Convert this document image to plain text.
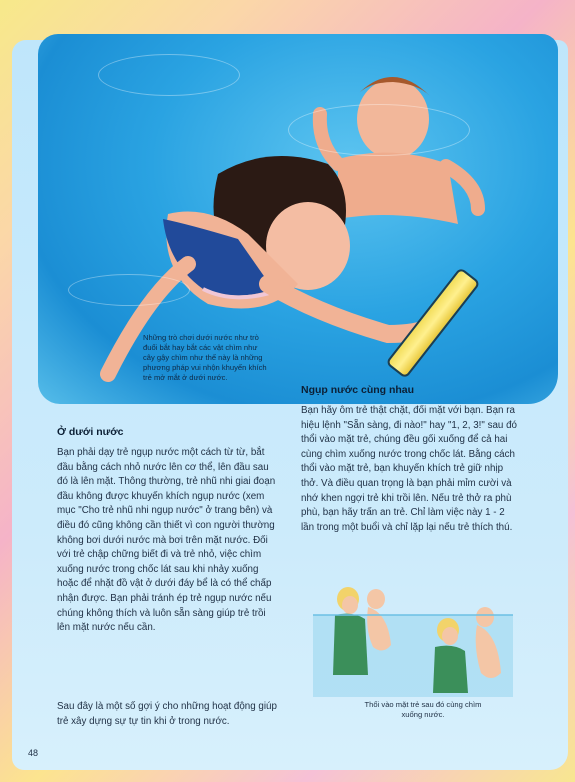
Những trò chơi dưới nước như trò đuổi bắt hay bắt các vật chìm như cây gậy chìm như thế này là những phương pháp vui nhộn khuyến khích trẻ mở mắt ở dưới nước.
Ở dưới nước
Bạn phải dạy trẻ ngụp nước một cách từ từ, bắt đầu bằng cách nhỏ nước lên cơ thể, lên đầu sau đó là lên mặt. Thông thường, trẻ nhũ nhi giai đoạn đầu không được khuyến khích ngụp nước (xem mục "Cho trẻ nhũ nhi ngụp nước" ở trang bên) và điều đó cũng không cần thiết vì con người thường không bơi dưới nước mà bơi trên mặt nước. Đối với trẻ chập chững biết đi và trẻ nhỏ, việc chìm xuống nước trong chốc lát sau khi nhảy xuống hoặc để nhặt đồ vật ở dưới đáy bể là có thể chấp nhận được. Bạn phải tránh ép trẻ ngụp nước nếu chúng không thích và luôn sẵn sàng giúp trẻ trồi lên mặt nước nếu cần.
Sau đây là một số gợi ý cho những hoạt động giúp trẻ xây dựng sự tự tin khi ở trong nước.
Ngụp nước cùng nhau
Bạn hãy ôm trẻ thật chặt, đối mặt với bạn. Bạn ra hiệu lệnh "Sẵn sàng, đi nào!" hay "1, 2, 3!" sau đó thổi vào mặt trẻ, chúng đều gối xuống để cả hai cùng chìm xuống nước trong chốc lát. Bằng cách thổi vào mặt trẻ, bạn khuyến khích trẻ giữ nhịp thở. Và điều quan trọng là bạn phải mỉm cười và nhớ khen ngợi trẻ khi trồi lên. Nếu trẻ thở ra phù phù, bạn hãy trấn an trẻ. Chỉ làm việc này 1 - 2 lần trong một buổi và chỉ lặp lại nếu trẻ thích thú.
Thổi vào mặt trẻ sau đó cùng chìm xuống nước.
48
